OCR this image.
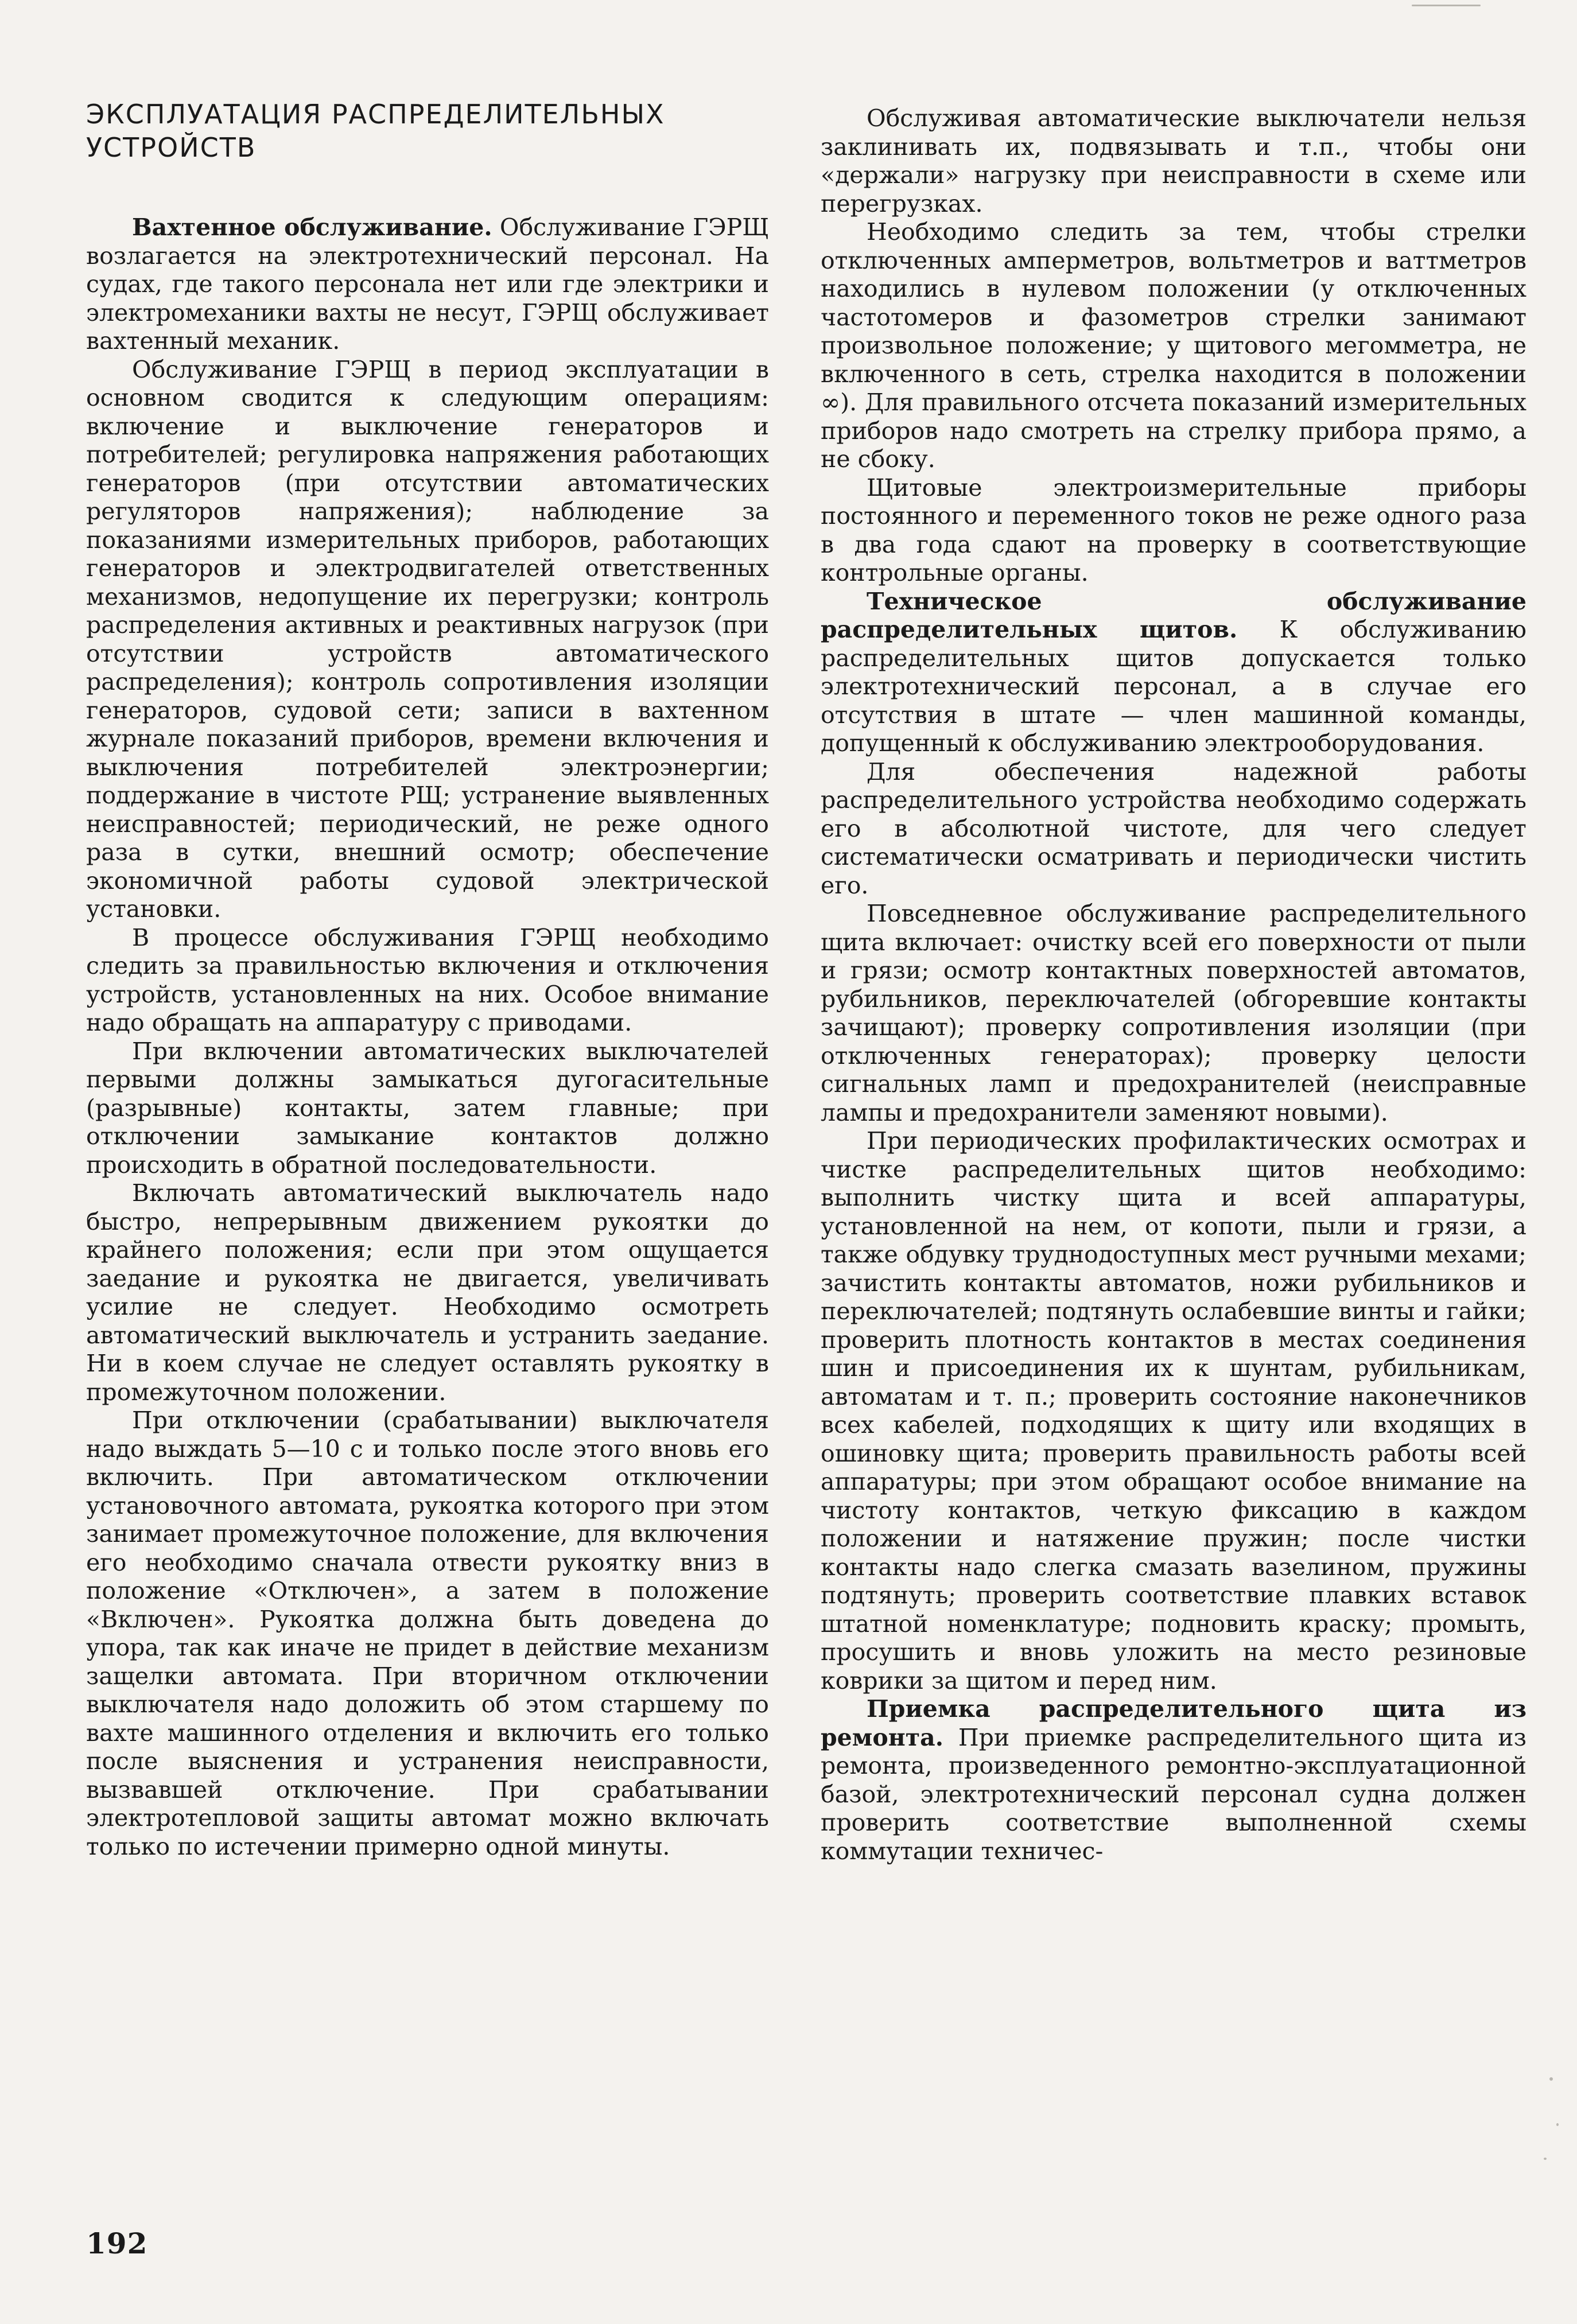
ЭКСПЛУАТАЦИЯ РАСПРЕДЕЛИТЕЛЬНЫХ УСТРОЙСТВ

Вахтенное обслуживание. Обслуживание ГЭРЩ возлагается на электротехнический персонал. На судах, где такого персонала нет или где электрики и электромеханики вахты не несут, ГЭРЩ обслуживает вахтенный механик.

Обслуживание ГЭРЩ в период эксплуатации в основном сводится к следующим операциям: включение и выключение генераторов и потребителей; регулировка напряжения работающих генераторов (при отсутствии автоматических регуляторов напряжения); наблюдение за показаниями измерительных приборов, работающих генераторов и электродвигателей ответственных механизмов, недопущение их перегрузки; контроль распределения активных и реактивных нагрузок (при отсутствии устройств автоматического распределения); контроль сопротивления изоляции генераторов, судовой сети; записи в вахтенном журнале показаний приборов, времени включения и выключения потребителей электроэнергии; поддержание в чистоте РЩ; устранение выявленных неисправностей; периодический, не реже одного раза в сутки, внешний осмотр; обеспечение экономичной работы судовой электрической установки.

В процессе обслуживания ГЭРЩ необходимо следить за правильностью включения и отключения устройств, установленных на них. Особое внимание надо обращать на аппаратуру с приводами.

При включении автоматических выключателей первыми должны замыкаться дугогасительные (разрывные) контакты, затем главные; при отключении замыкание контактов должно происходить в обратной последовательности.

Включать автоматический выключатель надо быстро, непрерывным движением рукоятки до крайнего положения; если при этом ощущается заедание и рукоятка не двигается, увеличивать усилие не следует. Необходимо осмотреть автоматический выключатель и устранить заедание. Ни в коем случае не следует оставлять рукоятку в промежуточном положении.

При отключении (срабатывании) выключателя надо выждать 5—10 с и только после этого вновь его включить. При автоматическом отключении установочного автомата, рукоятка которого при этом занимает промежуточное положение, для включения его необходимо сначала отвести рукоятку вниз в положение «Отключен», а затем в положение «Включен». Рукоятка должна быть доведена до упора, так как иначе не придет в действие механизм защелки автомата. При вторичном отключении выключателя надо доложить об этом старшему по вахте машинного отделения и включить его только после выяснения и устранения неисправности, вызвавшей отключение. При срабатывании электротепловой защиты автомат можно включать только по истечении примерно одной минуты.

Обслуживая автоматические выключатели нельзя заклинивать их, подвязывать и т.п., чтобы они «держали» нагрузку при неисправности в схеме или перегрузках.

Необходимо следить за тем, чтобы стрелки отключенных амперметров, вольтметров и ваттметров находились в нулевом положении (у отключенных частотомеров и фазометров стрелки занимают произвольное положение; у щитового мегомметра, не включенного в сеть, стрелка находится в положении ∞). Для правильного отсчета показаний измерительных приборов надо смотреть на стрелку прибора прямо, а не сбоку.

Щитовые электроизмерительные приборы постоянного и переменного токов не реже одного раза в два года сдают на проверку в соответствующие контрольные органы.

Техническое обслуживание распределительных щитов. К обслуживанию распределительных щитов допускается только электротехнический персонал, а в случае его отсутствия в штате — член машинной команды, допущенный к обслуживанию электрооборудования.

Для обеспечения надежной работы распределительного устройства необходимо содержать его в абсолютной чистоте, для чего следует систематически осматривать и периодически чистить его.

Повседневное обслуживание распределительного щита включает: очистку всей его поверхности от пыли и грязи; осмотр контактных поверхностей автоматов, рубильников, переключателей (обгоревшие контакты зачищают); проверку сопротивления изоляции (при отключенных генераторах); проверку целости сигнальных ламп и предохранителей (неисправные лампы и предохранители заменяют новыми).

При периодических профилактических осмотрах и чистке распределительных щитов необходимо: выполнить чистку щита и всей аппаратуры, установленной на нем, от копоти, пыли и грязи, а также обдувку труднодоступных мест ручными мехами; зачистить контакты автоматов, ножи рубильников и переключателей; подтянуть ослабевшие винты и гайки; проверить плотность контактов в местах соединения шин и присоединения их к шунтам, рубильникам, автоматам и т. п.; проверить состояние наконечников всех кабелей, подходящих к щиту или входящих в ошиновку щита; проверить правильность работы всей аппаратуры; при этом обращают особое внимание на чистоту контактов, четкую фиксацию в каждом положении и натяжение пружин; после чистки контакты надо слегка смазать вазелином, пружины подтянуть; проверить соответствие плавких вставок штатной номенклатуре; подновить краску; промыть, просушить и вновь уложить на место резиновые коврики за щитом и перед ним.

Приемка распределительного щита из ремонта. При приемке распределительного щита из ремонта, произведенного ремонтно-эксплуатационной базой, электротехнический персонал судна должен проверить соответствие выполненной схемы коммутации техничес-

192
